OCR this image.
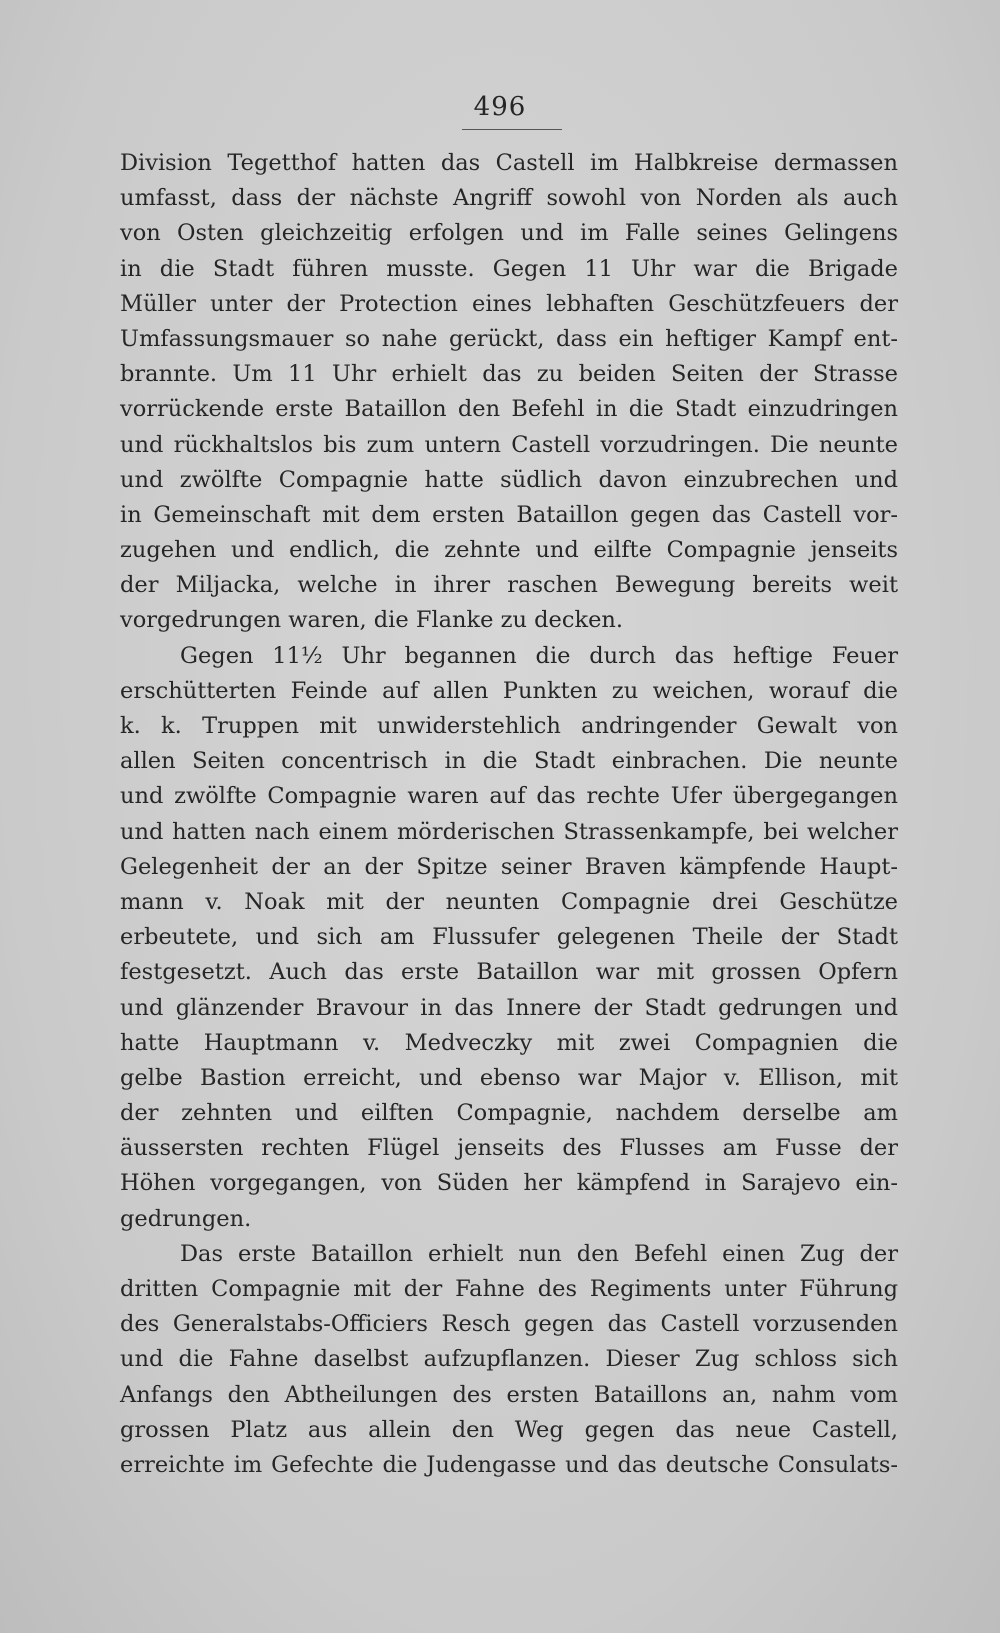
496
Division Tegetthof hatten das Castell im Halbkreise dermassen
umfasst, dass der nächste Angriff sowohl von Norden als auch
von Osten gleichzeitig erfolgen und im Falle seines Gelingens
in die Stadt führen musste. Gegen 11 Uhr war die Brigade
Müller unter der Protection eines lebhaften Geschützfeuers der
Umfassungsmauer so nahe gerückt, dass ein heftiger Kampf ent-
brannte. Um 11 Uhr erhielt das zu beiden Seiten der Strasse
vorrückende erste Bataillon den Befehl in die Stadt einzudringen
und rückhaltslos bis zum untern Castell vorzudringen. Die neunte
und zwölfte Compagnie hatte südlich davon einzubrechen und
in Gemeinschaft mit dem ersten Bataillon gegen das Castell vor-
zugehen und endlich, die zehnte und eilfte Compagnie jenseits
der Miljacka, welche in ihrer raschen Bewegung bereits weit
vorgedrungen waren, die Flanke zu decken.
Gegen 11½ Uhr begannen die durch das heftige Feuer
erschütterten Feinde auf allen Punkten zu weichen, worauf die
k. k. Truppen mit unwiderstehlich andringender Gewalt von
allen Seiten concentrisch in die Stadt einbrachen. Die neunte
und zwölfte Compagnie waren auf das rechte Ufer übergegangen
und hatten nach einem mörderischen Strassenkampfe, bei welcher
Gelegenheit der an der Spitze seiner Braven kämpfende Haupt-
mann v. Noak mit der neunten Compagnie drei Geschütze
erbeutete, und sich am Flussufer gelegenen Theile der Stadt
festgesetzt. Auch das erste Bataillon war mit grossen Opfern
und glänzender Bravour in das Innere der Stadt gedrungen und
hatte Hauptmann v. Medveczky mit zwei Compagnien die
gelbe Bastion erreicht, und ebenso war Major v. Ellison, mit
der zehnten und eilften Compagnie, nachdem derselbe am
äussersten rechten Flügel jenseits des Flusses am Fusse der
Höhen vorgegangen, von Süden her kämpfend in Sarajevo ein-
gedrungen.
Das erste Bataillon erhielt nun den Befehl einen Zug der
dritten Compagnie mit der Fahne des Regiments unter Führung
des Generalstabs-Officiers Resch gegen das Castell vorzusenden
und die Fahne daselbst aufzupflanzen. Dieser Zug schloss sich
Anfangs den Abtheilungen des ersten Bataillons an, nahm vom
grossen Platz aus allein den Weg gegen das neue Castell,
erreichte im Gefechte die Judengasse und das deutsche Consulats-
